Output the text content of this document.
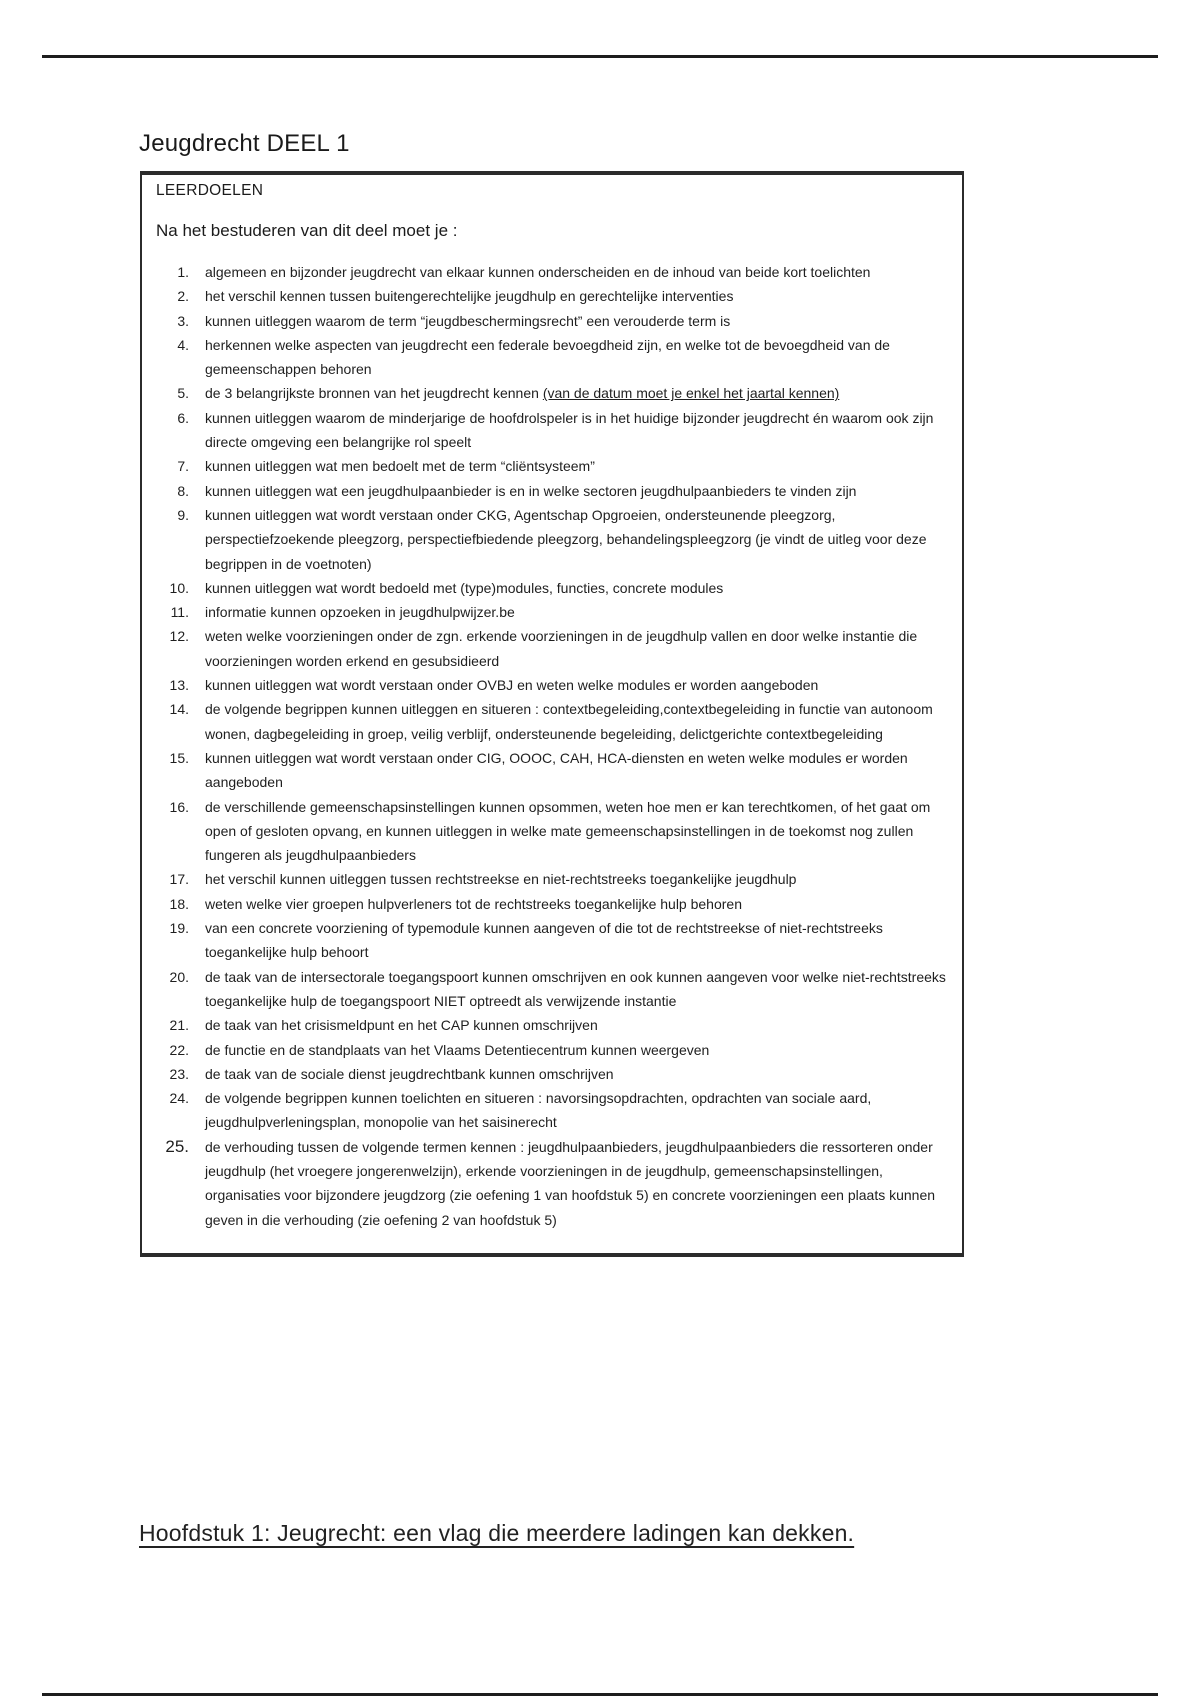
Jeugdrecht DEEL 1

LEERDOELEN

Na het bestuderen van dit deel moet je :

1. algemeen en bijzonder jeugdrecht van elkaar kunnen onderscheiden en de inhoud van beide kort toelichten
2. het verschil kennen tussen buitengerechtelijke jeugdhulp en gerechtelijke interventies
3. kunnen uitleggen waarom de term “jeugdbeschermingsrecht” een verouderde term is
4. herkennen welke aspecten van jeugdrecht een federale bevoegdheid zijn, en welke tot de bevoegdheid van de gemeenschappen behoren
5. de 3 belangrijkste bronnen van het jeugdrecht kennen (van de datum moet je enkel het jaartal kennen)
6. kunnen uitleggen waarom de minderjarige de hoofdrolspeler is in het huidige bijzonder jeugdrecht én waarom ook zijn directe omgeving een belangrijke rol speelt
7. kunnen uitleggen wat men bedoelt met de term “cliëntsysteem”
8. kunnen uitleggen wat een jeugdhulpaanbieder is en in welke sectoren jeugdhulpaanbieders te vinden zijn
9. kunnen uitleggen wat wordt verstaan onder CKG, Agentschap Opgroeien, ondersteunende pleegzorg, perspectiefzoekende pleegzorg, perspectiefbiedende pleegzorg, behandelingspleegzorg (je vindt de uitleg voor deze begrippen in de voetnoten)
10. kunnen uitleggen wat wordt bedoeld met (type)modules, functies, concrete modules
11. informatie kunnen opzoeken in jeugdhulpwijzer.be
12. weten welke voorzieningen onder de zgn. erkende voorzieningen in de jeugdhulp vallen en door welke instantie die voorzieningen worden erkend en gesubsidieerd
13. kunnen uitleggen wat wordt verstaan onder OVBJ en weten welke modules er worden aangeboden
14. de volgende begrippen kunnen uitleggen en situeren : contextbegeleiding,contextbegeleiding in functie van autonoom wonen, dagbegeleiding in groep, veilig verblijf, ondersteunende begeleiding, delictgerichte contextbegeleiding
15. kunnen uitleggen wat wordt verstaan onder CIG, OOOC, CAH, HCA-diensten en weten welke modules er worden aangeboden
16. de verschillende gemeenschapsinstellingen kunnen opsommen, weten hoe men er kan terechtkomen, of het gaat om open of gesloten opvang, en kunnen uitleggen in welke mate gemeenschapsinstellingen in de toekomst nog zullen fungeren als jeugdhulpaanbieders
17. het verschil kunnen uitleggen tussen rechtstreekse en niet-rechtstreeks toegankelijke jeugdhulp
18. weten welke vier groepen hulpverleners tot de rechtstreeks toegankelijke hulp behoren
19. van een concrete voorziening of typemodule kunnen aangeven of die tot de rechtstreekse of niet-rechtstreeks toegankelijke hulp behoort
20. de taak van de intersectorale toegangspoort kunnen omschrijven en ook kunnen aangeven voor welke niet-rechtstreeks toegankelijke hulp de toegangspoort NIET optreedt als verwijzende instantie
21. de taak van het crisismeldpunt en het CAP kunnen omschrijven
22. de functie en de standplaats van het Vlaams Detentiecentrum kunnen weergeven
23. de taak van de sociale dienst jeugdrechtbank kunnen omschrijven
24. de volgende begrippen kunnen toelichten en situeren : navorsingsopdrachten, opdrachten van sociale aard, jeugdhulpverleningsplan, monopolie van het saisinerecht
25. de verhouding tussen de volgende termen kennen : jeugdhulpaanbieders, jeugdhulpaanbieders die ressorteren onder jeugdhulp (het vroegere jongerenwelzijn), erkende voorzieningen in de jeugdhulp, gemeenschapsinstellingen, organisaties voor bijzondere jeugdzorg (zie oefening 1 van hoofdstuk 5) en concrete voorzieningen een plaats kunnen geven in die verhouding (zie oefening 2 van hoofdstuk 5)
Hoofdstuk 1: Jeugrecht: een vlag die meerdere ladingen kan dekken.
